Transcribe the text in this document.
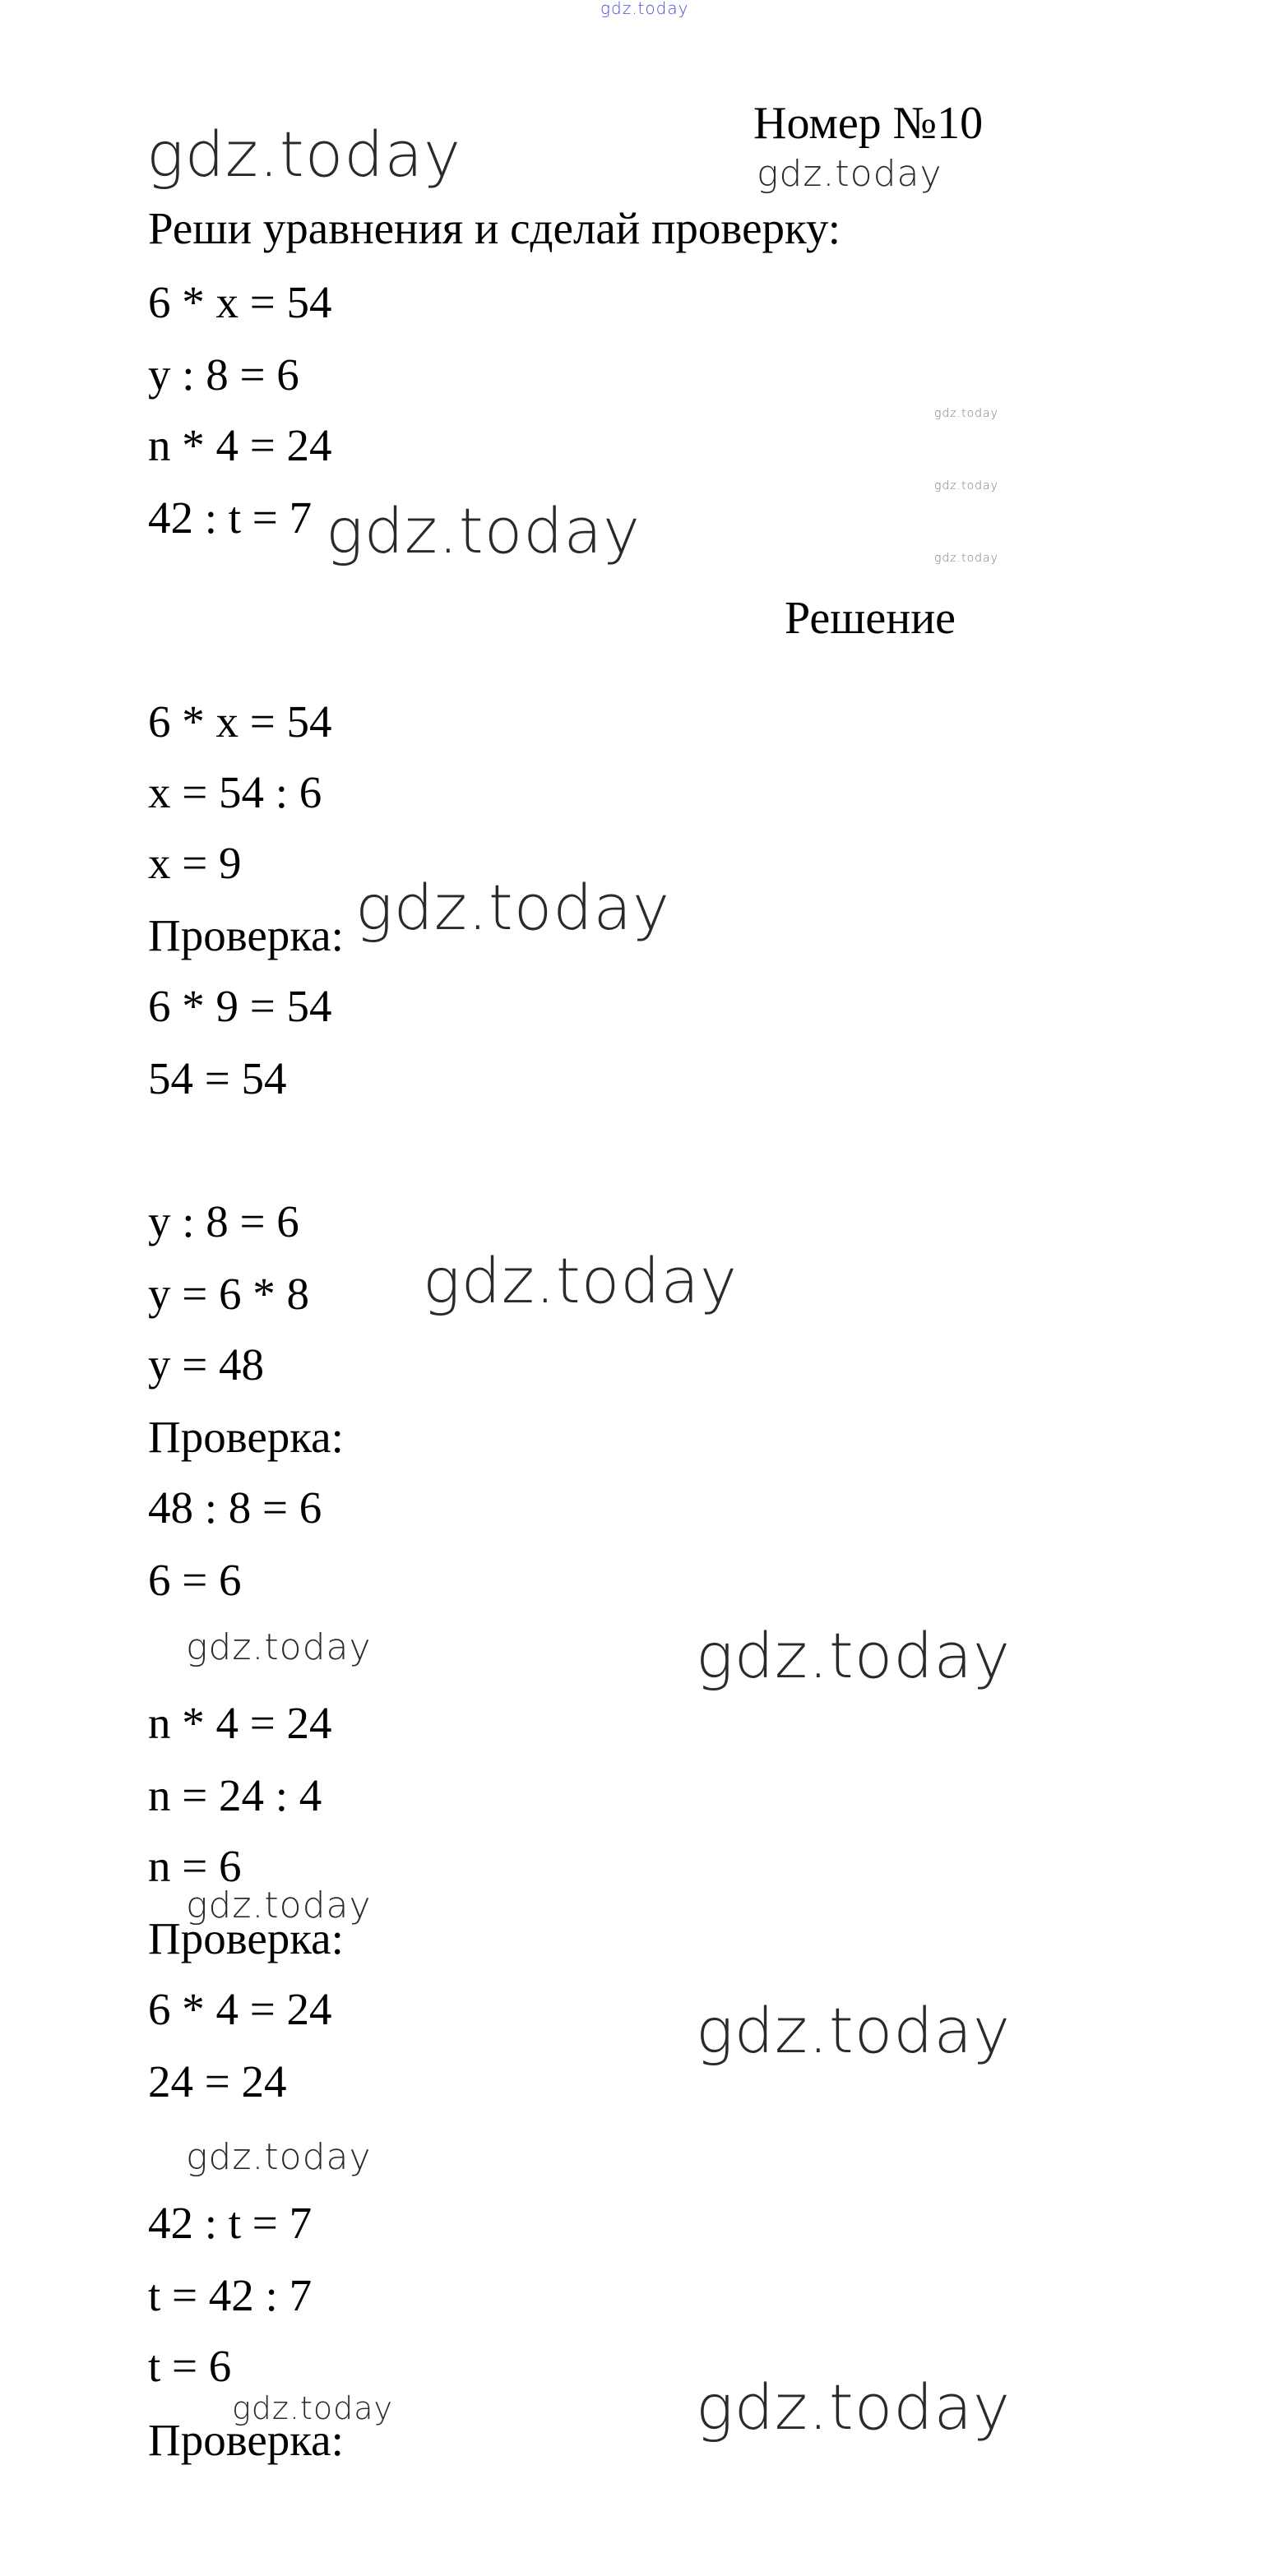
gdz.today
gdz.today	gdz.today
gdz.today
gdz.today
gdz.today
gdz.today
gdz.today
gdz.today
gdz.today	gdz.today
gdz.today
gdz.today
gdz.today
gdz.today	gdz.today
Номер №10
Реши уравнения и сделай проверку:
6 * x = 54
y : 8 = 6
n * 4 = 24
42 : t = 7
Решение
6 * x = 54
x = 54 : 6
x = 9
Проверка:
6 * 9 = 54
54 = 54
y : 8 = 6
y = 6 * 8
y = 48
Проверка:
48 : 8 = 6
6 = 6
n * 4 = 24
n = 24 : 4
n = 6
Проверка:
6 * 4 = 24
24 = 24
42 : t = 7
t = 42 : 7
t = 6
Проверка:
